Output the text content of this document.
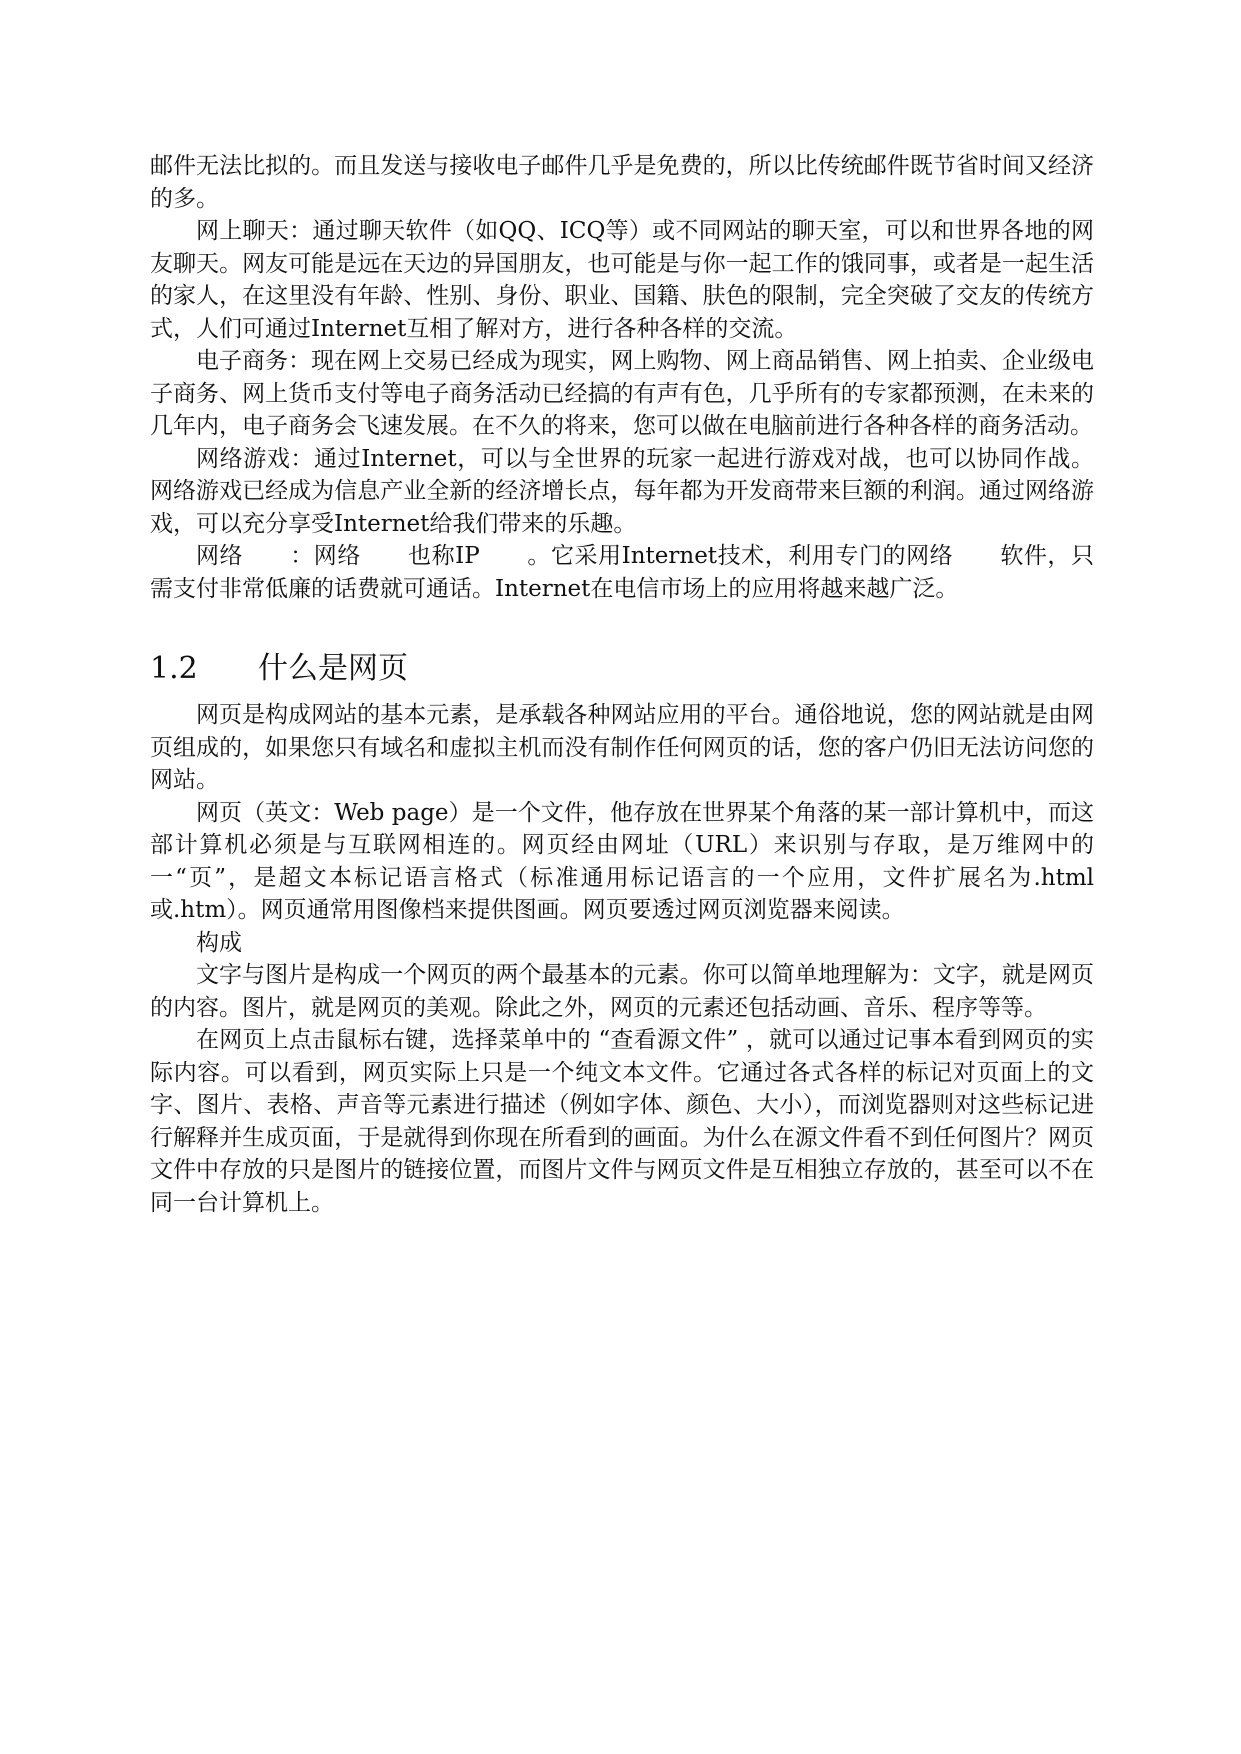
邮件无法比拟的。而且发送与接收电子邮件几乎是免费的，所以比传统邮件既节省时间又经济的多。

网上聊天：通过聊天软件（如QQ、ICQ等）或不同网站的聊天室，可以和世界各地的网友聊天。网友可能是远在天边的异国朋友，也可能是与你一起工作的饿同事，或者是一起生活的家人，在这里没有年龄、性别、身份、职业、国籍、肤色的限制，完全突破了交友的传统方式，人们可通过Internet互相了解对方，进行各种各样的交流。

电子商务：现在网上交易已经成为现实，网上购物、网上商品销售、网上拍卖、企业级电子商务、网上货币支付等电子商务活动已经搞的有声有色，几乎所有的专家都预测，在未来的几年内，电子商务会飞速发展。在不久的将来，您可以做在电脑前进行各种各样的商务活动。

网络游戏：通过Internet，可以与全世界的玩家一起进行游戏对战，也可以协同作战。网络游戏已经成为信息产业全新的经济增长点，每年都为开发商带来巨额的利润。通过网络游戏，可以充分享受Internet给我们带来的乐趣。

网络　　：网络　　也称IP　　。它采用Internet技术，利用专门的网络　　软件，只需支付非常低廉的话费就可通话。Internet在电信市场上的应用将越来越广泛。

1.2	什么是网页

网页是构成网站的基本元素，是承载各种网站应用的平台。通俗地说，您的网站就是由网页组成的，如果您只有域名和虚拟主机而没有制作任何网页的话，您的客户仍旧无法访问您的网站。

网页（英文：Web page）是一个文件，他存放在世界某个角落的某一部计算机中，而这部计算机必须是与互联网相连的。网页经由网址（URL）来识别与存取，是万维网中的一“页”，是超文本标记语言格式（标准通用标记语言的一个应用，文件扩展名为.html或.htm）。网页通常用图像档来提供图画。网页要透过网页浏览器来阅读。

构成

文字与图片是构成一个网页的两个最基本的元素。你可以简单地理解为：文字，就是网页的内容。图片，就是网页的美观。除此之外，网页的元素还包括动画、音乐、程序等等。

在网页上点击鼠标右键，选择菜单中的 “查看源文件” ，就可以通过记事本看到网页的实际内容。可以看到，网页实际上只是一个纯文本文件。它通过各式各样的标记对页面上的文字、图片、表格、声音等元素进行描述（例如字体、颜色、大小），而浏览器则对这些标记进行解释并生成页面，于是就得到你现在所看到的画面。为什么在源文件看不到任何图片？网页文件中存放的只是图片的链接位置，而图片文件与网页文件是互相独立存放的，甚至可以不在同一台计算机上。
